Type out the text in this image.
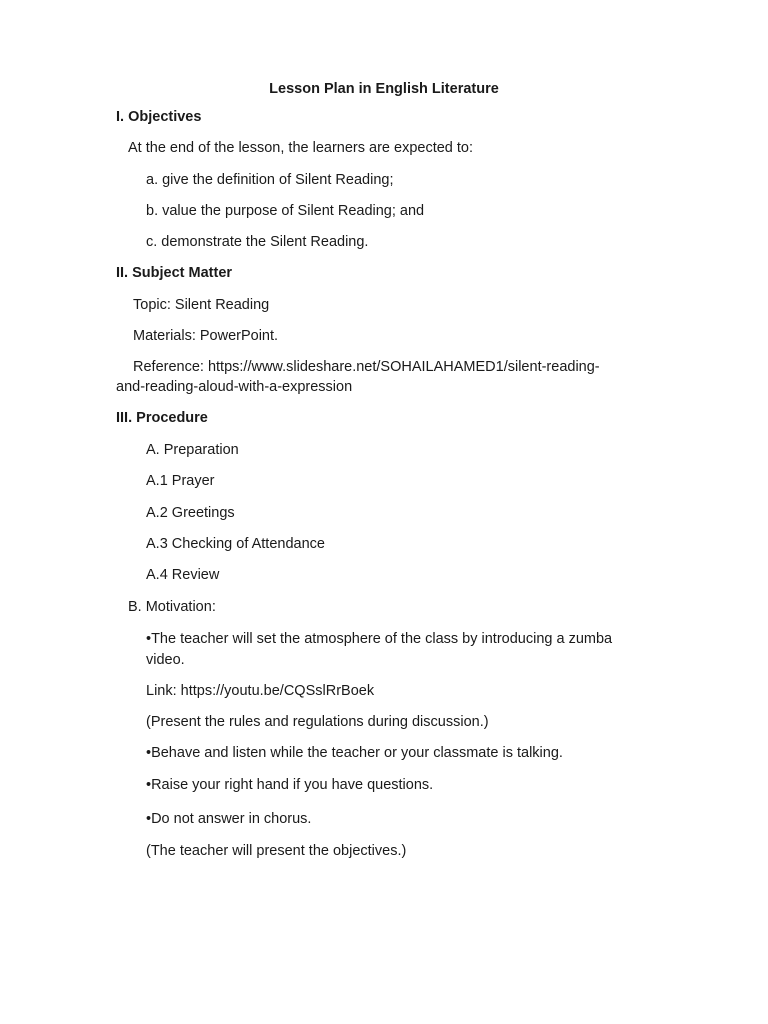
Lesson Plan in English Literature
I. Objectives
At the end of the lesson, the learners are expected to:
a. give the definition of Silent Reading;
b. value the purpose of Silent Reading; and
c. demonstrate the Silent Reading.
II. Subject Matter
Topic: Silent Reading
Materials: PowerPoint.
Reference: https://www.slideshare.net/SOHAILAHAMED1/silent-reading-
and-reading-aloud-with-a-expression
III. Procedure
A. Preparation
A.1 Prayer
A.2 Greetings
A.3 Checking of Attendance
A.4 Review
B. Motivation:
•The teacher will set the atmosphere of the class by introducing a zumba
video.
Link: https://youtu.be/CQSslRrBoek
(Present the rules and regulations during discussion.)
•Behave and listen while the teacher or your classmate is talking.
•Raise your right hand if you have questions.
•Do not answer in chorus.
(The teacher will present the objectives.)
